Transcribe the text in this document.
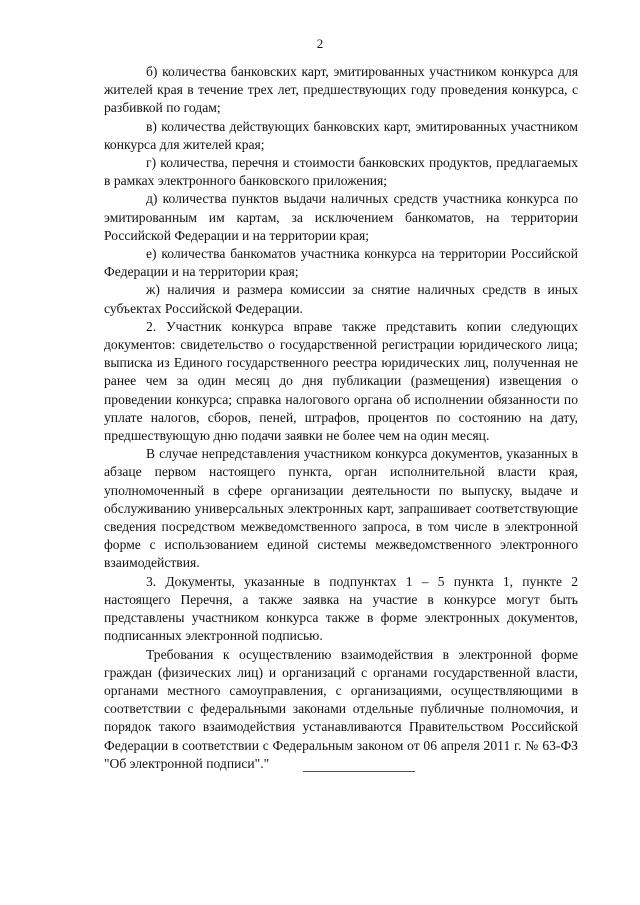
2

б) количества банковских карт, эмитированных участником конкурса для жителей края в течение трех лет, предшествующих году проведения конкурса, с разбивкой по годам;

в) количества действующих банковских карт, эмитированных участником конкурса для жителей края;

г) количества, перечня и стоимости банковских продуктов, предлагаемых в рамках электронного банковского приложения;

д) количества пунктов выдачи наличных средств участника конкурса по эмитированным им картам, за исключением банкоматов, на территории Российской Федерации и на территории края;

е) количества банкоматов участника конкурса на территории Российской Федерации и на территории края;

ж) наличия и размера комиссии за снятие наличных средств в иных субъектах Российской Федерации.

2. Участник конкурса вправе также представить копии следующих документов: свидетельство о государственной регистрации юридического лица; выписка из Единого государственного реестра юридических лиц, полученная не ранее чем за один месяц до дня публикации (размещения) извещения о проведении конкурса; справка налогового органа об исполнении обязанности по уплате налогов, сборов, пеней, штрафов, процентов по состоянию на дату, предшествующую дню подачи заявки не более чем на один месяц.

В случае непредставления участником конкурса документов, указанных в абзаце первом настоящего пункта, орган исполнительной власти края, уполномоченный в сфере организации деятельности по выпуску, выдаче и обслуживанию универсальных электронных карт, запрашивает соответствующие сведения посредством межведомственного запроса, в том числе в электронной форме с использованием единой системы межведомственного электронного взаимодействия.

3. Документы, указанные в подпунктах 1 – 5 пункта 1, пункте 2 настоящего Перечня, а также заявка на участие в конкурсе могут быть представлены участником конкурса также в форме электронных документов, подписанных электронной подписью.

Требования к осуществлению взаимодействия в электронной форме граждан (физических лиц) и организаций с органами государственной власти, органами местного самоуправления, с организациями, осуществляющими в соответствии с федеральными законами отдельные публичные полномочия, и порядок такого взаимодействия устанавливаются Правительством Российской Федерации в соответствии с Федеральным законом от 06 апреля 2011 г. № 63-ФЗ "Об электронной подписи"."
